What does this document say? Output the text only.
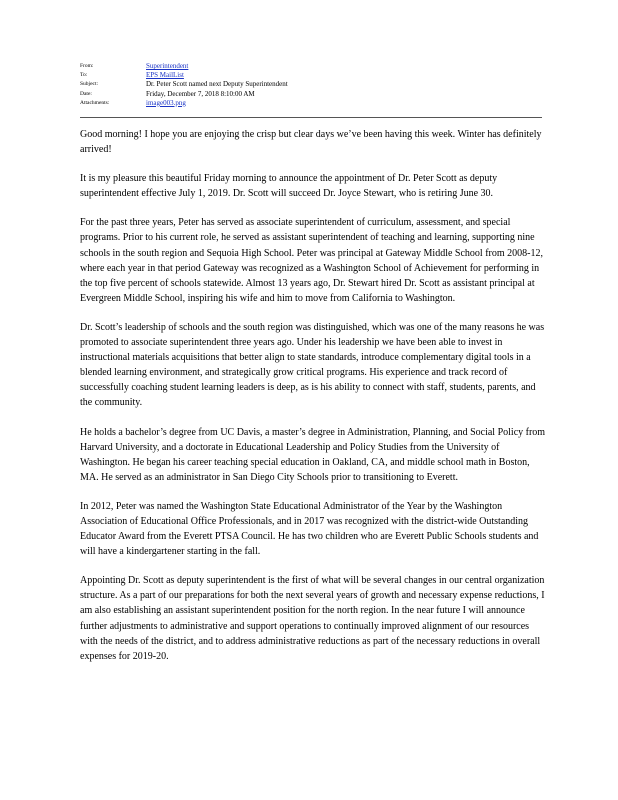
From:	Superintendent
To:	EPS MailList
Subject:	Dr. Peter Scott named next Deputy Superintendent
Date:	Friday, December 7, 2018 8:10:00 AM
Attachments:	image003.png

Good morning! I hope you are enjoying the crisp but clear days we’ve been having this week. Winter has definitely arrived!

It is my pleasure this beautiful Friday morning to announce the appointment of Dr. Peter Scott as deputy superintendent effective July 1, 2019. Dr. Scott will succeed Dr. Joyce Stewart, who is retiring June 30.

For the past three years, Peter has served as associate superintendent of curriculum, assessment, and special programs. Prior to his current role, he served as assistant superintendent of teaching and learning, supporting nine schools in the south region and Sequoia High School. Peter was principal at Gateway Middle School from 2008-12, where each year in that period Gateway was recognized as a Washington School of Achievement for performing in the top five percent of schools statewide. Almost 13 years ago, Dr. Stewart hired Dr. Scott as assistant principal at Evergreen Middle School, inspiring his wife and him to move from California to Washington.

Dr. Scott’s leadership of schools and the south region was distinguished, which was one of the many reasons he was promoted to associate superintendent three years ago. Under his leadership we have been able to invest in instructional materials acquisitions that better align to state standards, introduce complementary digital tools in a blended learning environment, and strategically grow critical programs. His experience and track record of successfully coaching student learning leaders is deep, as is his ability to connect with staff, students, parents, and the community.

He holds a bachelor’s degree from UC Davis, a master’s degree in Administration, Planning, and Social Policy from Harvard University, and a doctorate in Educational Leadership and Policy Studies from the University of Washington. He began his career teaching special education in Oakland, CA, and middle school math in Boston, MA. He served as an administrator in San Diego City Schools prior to transitioning to Everett.

In 2012, Peter was named the Washington State Educational Administrator of the Year by the Washington Association of Educational Office Professionals, and in 2017 was recognized with the district-wide Outstanding Educator Award from the Everett PTSA Council. He has two children who are Everett Public Schools students and will have a kindergartener starting in the fall.

Appointing Dr. Scott as deputy superintendent is the first of what will be several changes in our central organization structure. As a part of our preparations for both the next several years of growth and necessary expense reductions, I am also establishing an assistant superintendent position for the north region. In the near future I will announce further adjustments to administrative and support operations to continually improved alignment of our resources with the needs of the district, and to address administrative reductions as part of the necessary reductions in overall expenses for 2019-20.
